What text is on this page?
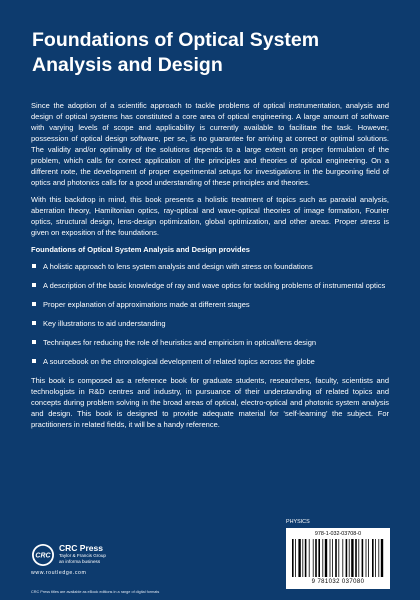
Foundations of Optical System
Analysis and Design

Since the adoption of a scientific approach to tackle problems of optical instrumentation, analysis and design of optical systems has constituted a core area of optical engineering. A large amount of software with varying levels of scope and applicability is currently available to facilitate the task. However, possession of optical design software, per se, is no guarantee for arriving at correct or optimal solutions. The validity and/or optimality of the solutions depends to a large extent on proper formulation of the problem, which calls for correct application of the principles and theories of optical engineering. On a different note, the development of proper experimental setups for investigations in the burgeoning field of optics and photonics calls for a good understanding of these principles and theories.

With this backdrop in mind, this book presents a holistic treatment of topics such as paraxial analysis, aberration theory, Hamiltonian optics, ray-optical and wave-optical theories of image formation, Fourier optics, structural design, lens-design optimization, global optimization, and other areas. Proper stress is given on exposition of the foundations.

Foundations of Optical System Analysis and Design provides
A holistic approach to lens system analysis and design with stress on foundations
A description of the basic knowledge of ray and wave optics for tackling problems of instrumental optics
Proper explanation of approximations made at different stages
Key illustrations to aid understanding
Techniques for reducing the role of heuristics and empiricism in optical/lens design
A sourcebook on the chronological development of related topics across the globe

This book is composed as a reference book for graduate students, researchers, faculty, scientists and technologists in R&D centres and industry, in pursuance of their understanding of related topics and concepts during problem solving in the broad areas of optical, electro-optical and photonic system analysis and design. This book is designed to provide adequate material for ‘self-learning’ the subject. For practitioners in related fields, it will be a handy reference.

CRC
CRC Press
Taylor & Francis Group
an informa business
www.routledge.com
CRC Press titles are available as eBook editions in a range of digital formats
PHYSICS
978-1-032-03708-0
9 781032 037080
